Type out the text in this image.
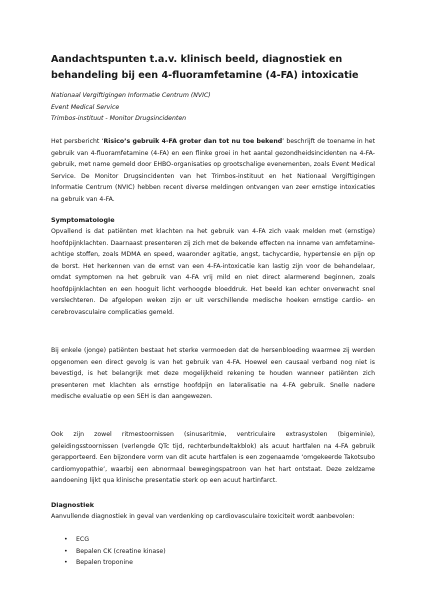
Aandachtspunten t.a.v. klinisch beeld, diagnostiek en behandeling bij een 4-fluoramfetamine (4-FA) intoxicatie
Nationaal Vergiftigingen Informatie Centrum (NVIC)
Event Medical Service
Trimbos-instituut - Monitor Drugsincidenten

Het persbericht ‘Risico’s gebruik 4-FA groter dan tot nu toe bekend’ beschrijft de toename in het gebruik van 4-fluoramfetamine (4-FA) en een flinke groei in het aantal gezondheidsincidenten na 4-FA-gebruik, met name gemeld door EHBO-organisaties op grootschalige evenementen, zoals Event Medical Service. De Monitor Drugsincidenten van het Trimbos-instituut en het Nationaal Vergiftigingen Informatie Centrum (NVIC) hebben recent diverse meldingen ontvangen van zeer ernstige intoxicaties na gebruik van 4-FA.

Symptomatologie

Opvallend is dat patiënten met klachten na het gebruik van 4-FA zich vaak melden met (ernstige) hoofdpijnklachten. Daarnaast presenteren zij zich met de bekende effecten na inname van amfetamine-achtige stoffen, zoals MDMA en speed, waaronder agitatie, angst, tachycardie, hypertensie en pijn op de borst. Het herkennen van de ernst van een 4-FA-intoxicatie kan lastig zijn voor de behandelaar, omdat symptomen na het gebruik van 4-FA vrij mild en niet direct alarmerend beginnen, zoals hoofdpijnklachten en een hooguit licht verhoogde bloeddruk. Het beeld kan echter onverwacht snel verslechteren. De afgelopen weken zijn er uit verschillende medische hoeken ernstige cardio- en cerebrovasculaire complicaties gemeld.

Bij enkele (jonge) patiënten bestaat het sterke vermoeden dat de hersenbloeding waarmee zij werden opgenomen een direct gevolg is van het gebruik van 4-FA. Hoewel een causaal verband nog niet is bevestigd, is het belangrijk met deze mogelijkheid rekening te houden wanneer patiënten zich presenteren met klachten als ernstige hoofdpijn en lateralisatie na 4-FA gebruik. Snelle nadere medische evaluatie op een SEH is dan aangewezen.

Ook zijn zowel ritmestoornissen (sinusaritmie, ventriculaire extrasystolen (bigeminie), geleidingsstoornissen (verlengde QTc tijd, rechterbundeltakblok) als acuut hartfalen na 4-FA gebruik gerapporteerd. Een bijzondere vorm van dit acute hartfalen is een zogenaamde ‘omgekeerde Takotsubo cardiomyopathie’, waarbij een abnormaal bewegingspatroon van het hart ontstaat. Deze zeldzame aandoening lijkt qua klinische presentatie sterk op een acuut hartinfarct.

Diagnostiek

Aanvullende diagnostiek in geval van verdenking op cardiovasculaire toxiciteit wordt aanbevolen:

• ECG
• Bepalen CK (creatine kinase)
• Bepalen troponine
